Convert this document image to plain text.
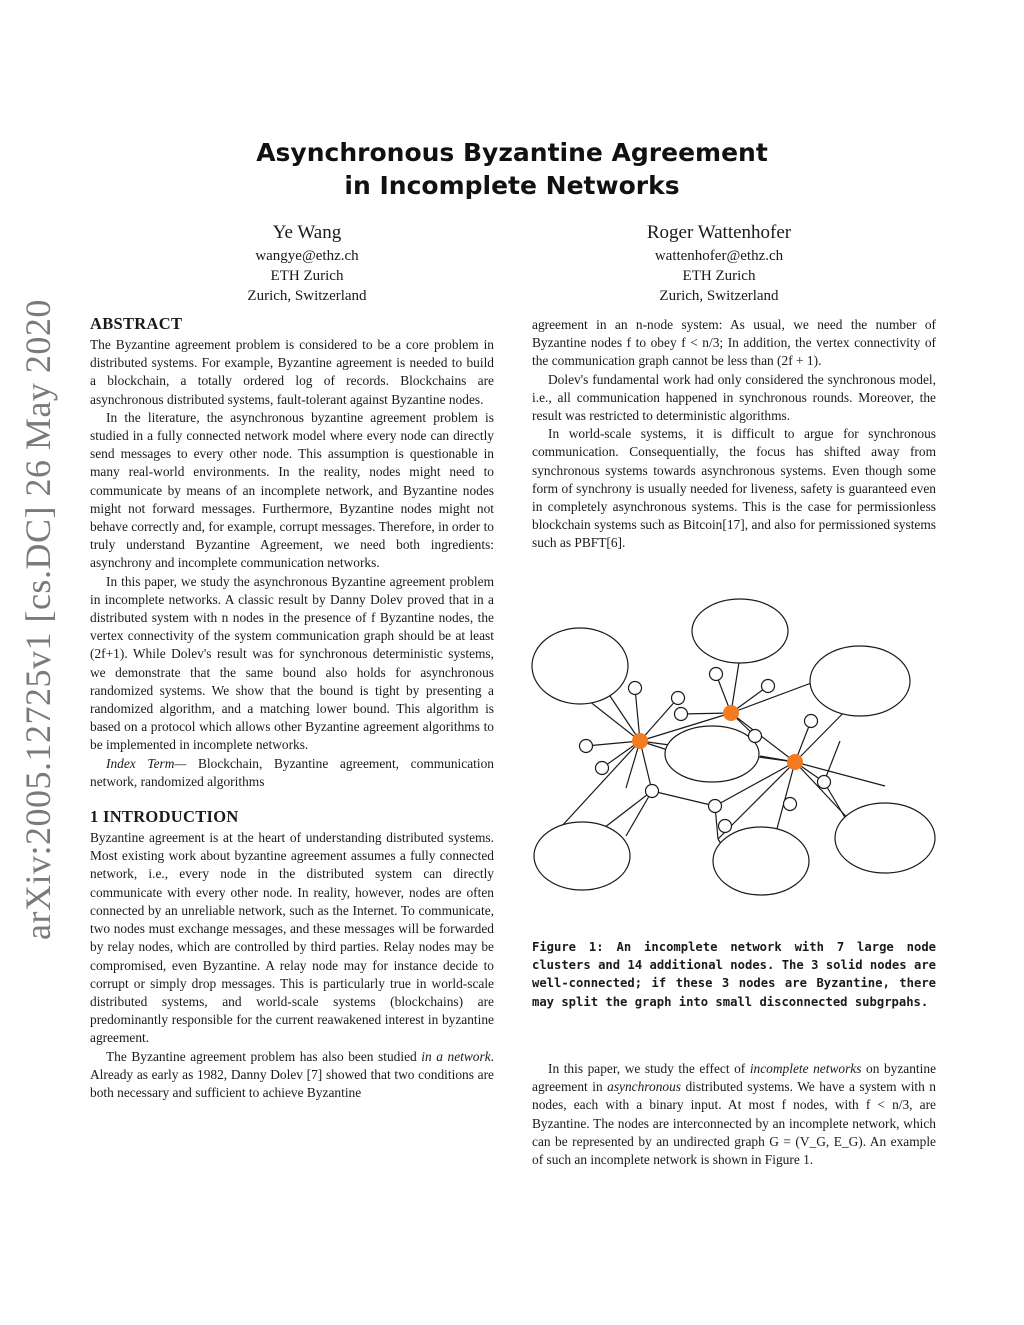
arXiv:2005.12725v1 [cs.DC] 26 May 2020
Asynchronous Byzantine Agreement
in Incomplete Networks
Ye Wang
wangye@ethz.ch
ETH Zurich
Zurich, Switzerland
Roger Wattenhofer
wattenhofer@ethz.ch
ETH Zurich
Zurich, Switzerland
ABSTRACT

The Byzantine agreement problem is considered to be a core problem in distributed systems. For example, Byzantine agreement is needed to build a blockchain, a totally ordered log of records. Blockchains are asynchronous distributed systems, fault-tolerant against Byzantine nodes.

In the literature, the asynchronous byzantine agreement problem is studied in a fully connected network model where every node can directly send messages to every other node. This assumption is questionable in many real-world environments. In the reality, nodes might need to communicate by means of an incomplete network, and Byzantine nodes might not forward messages. Furthermore, Byzantine nodes might not behave correctly and, for example, corrupt messages. Therefore, in order to truly understand Byzantine Agreement, we need both ingredients: asynchrony and incomplete communication networks.

In this paper, we study the asynchronous Byzantine agreement problem in incomplete networks. A classic result by Danny Dolev proved that in a distributed system with n nodes in the presence of f Byzantine nodes, the vertex connectivity of the system communication graph should be at least (2f+1). While Dolev's result was for synchronous deterministic systems, we demonstrate that the same bound also holds for asynchronous randomized systems. We show that the bound is tight by presenting a randomized algorithm, and a matching lower bound. This algorithm is based on a protocol which allows other Byzantine agreement algorithms to be implemented in incomplete networks.

Index Term— Blockchain, Byzantine agreement, communication network, randomized algorithms

1 INTRODUCTION

Byzantine agreement is at the heart of understanding distributed systems. Most existing work about byzantine agreement assumes a fully connected network, i.e., every node in the distributed system can directly communicate with every other node. In reality, however, nodes are often connected by an unreliable network, such as the Internet. To communicate, two nodes must exchange messages, and these messages will be forwarded by relay nodes, which are controlled by third parties. Relay nodes may be compromised, even Byzantine. A relay node may for instance decide to corrupt or simply drop messages. This is particularly true in world-scale distributed systems, and world-scale systems (blockchains) are predominantly responsible for the current reawakened interest in byzantine agreement.

The Byzantine agreement problem has also been studied in a network. Already as early as 1982, Danny Dolev [7] showed that two conditions are both necessary and sufficient to achieve Byzantine

agreement in an n-node system: As usual, we need the number of Byzantine nodes f to obey f < n/3; In addition, the vertex connectivity of the communication graph cannot be less than (2f + 1).

Dolev's fundamental work had only considered the synchronous model, i.e., all communication happened in synchronous rounds. Moreover, the result was restricted to deterministic algorithms.

In world-scale systems, it is difficult to argue for synchronous communication. Consequentially, the focus has shifted away from synchronous systems towards asynchronous systems. Even though some form of synchrony is usually needed for liveness, safety is guaranteed even in completely asynchronous systems. This is the case for permissionless blockchain systems such as Bitcoin[17], and also for permissioned systems such as PBFT[6].

Figure 1: An incomplete network with 7 large node clusters and 14 additional nodes. The 3 solid nodes are well-connected; if these 3 nodes are Byzantine, there may split the graph into small disconnected subgrpahs.

In this paper, we study the effect of incomplete networks on byzantine agreement in asynchronous distributed systems. We have a system with n nodes, each with a binary input. At most f nodes, with f < n/3, are Byzantine. The nodes are interconnected by an incomplete network, which can be represented by an undirected graph G = (V_G, E_G). An example of such an incomplete network is shown in Figure 1.
